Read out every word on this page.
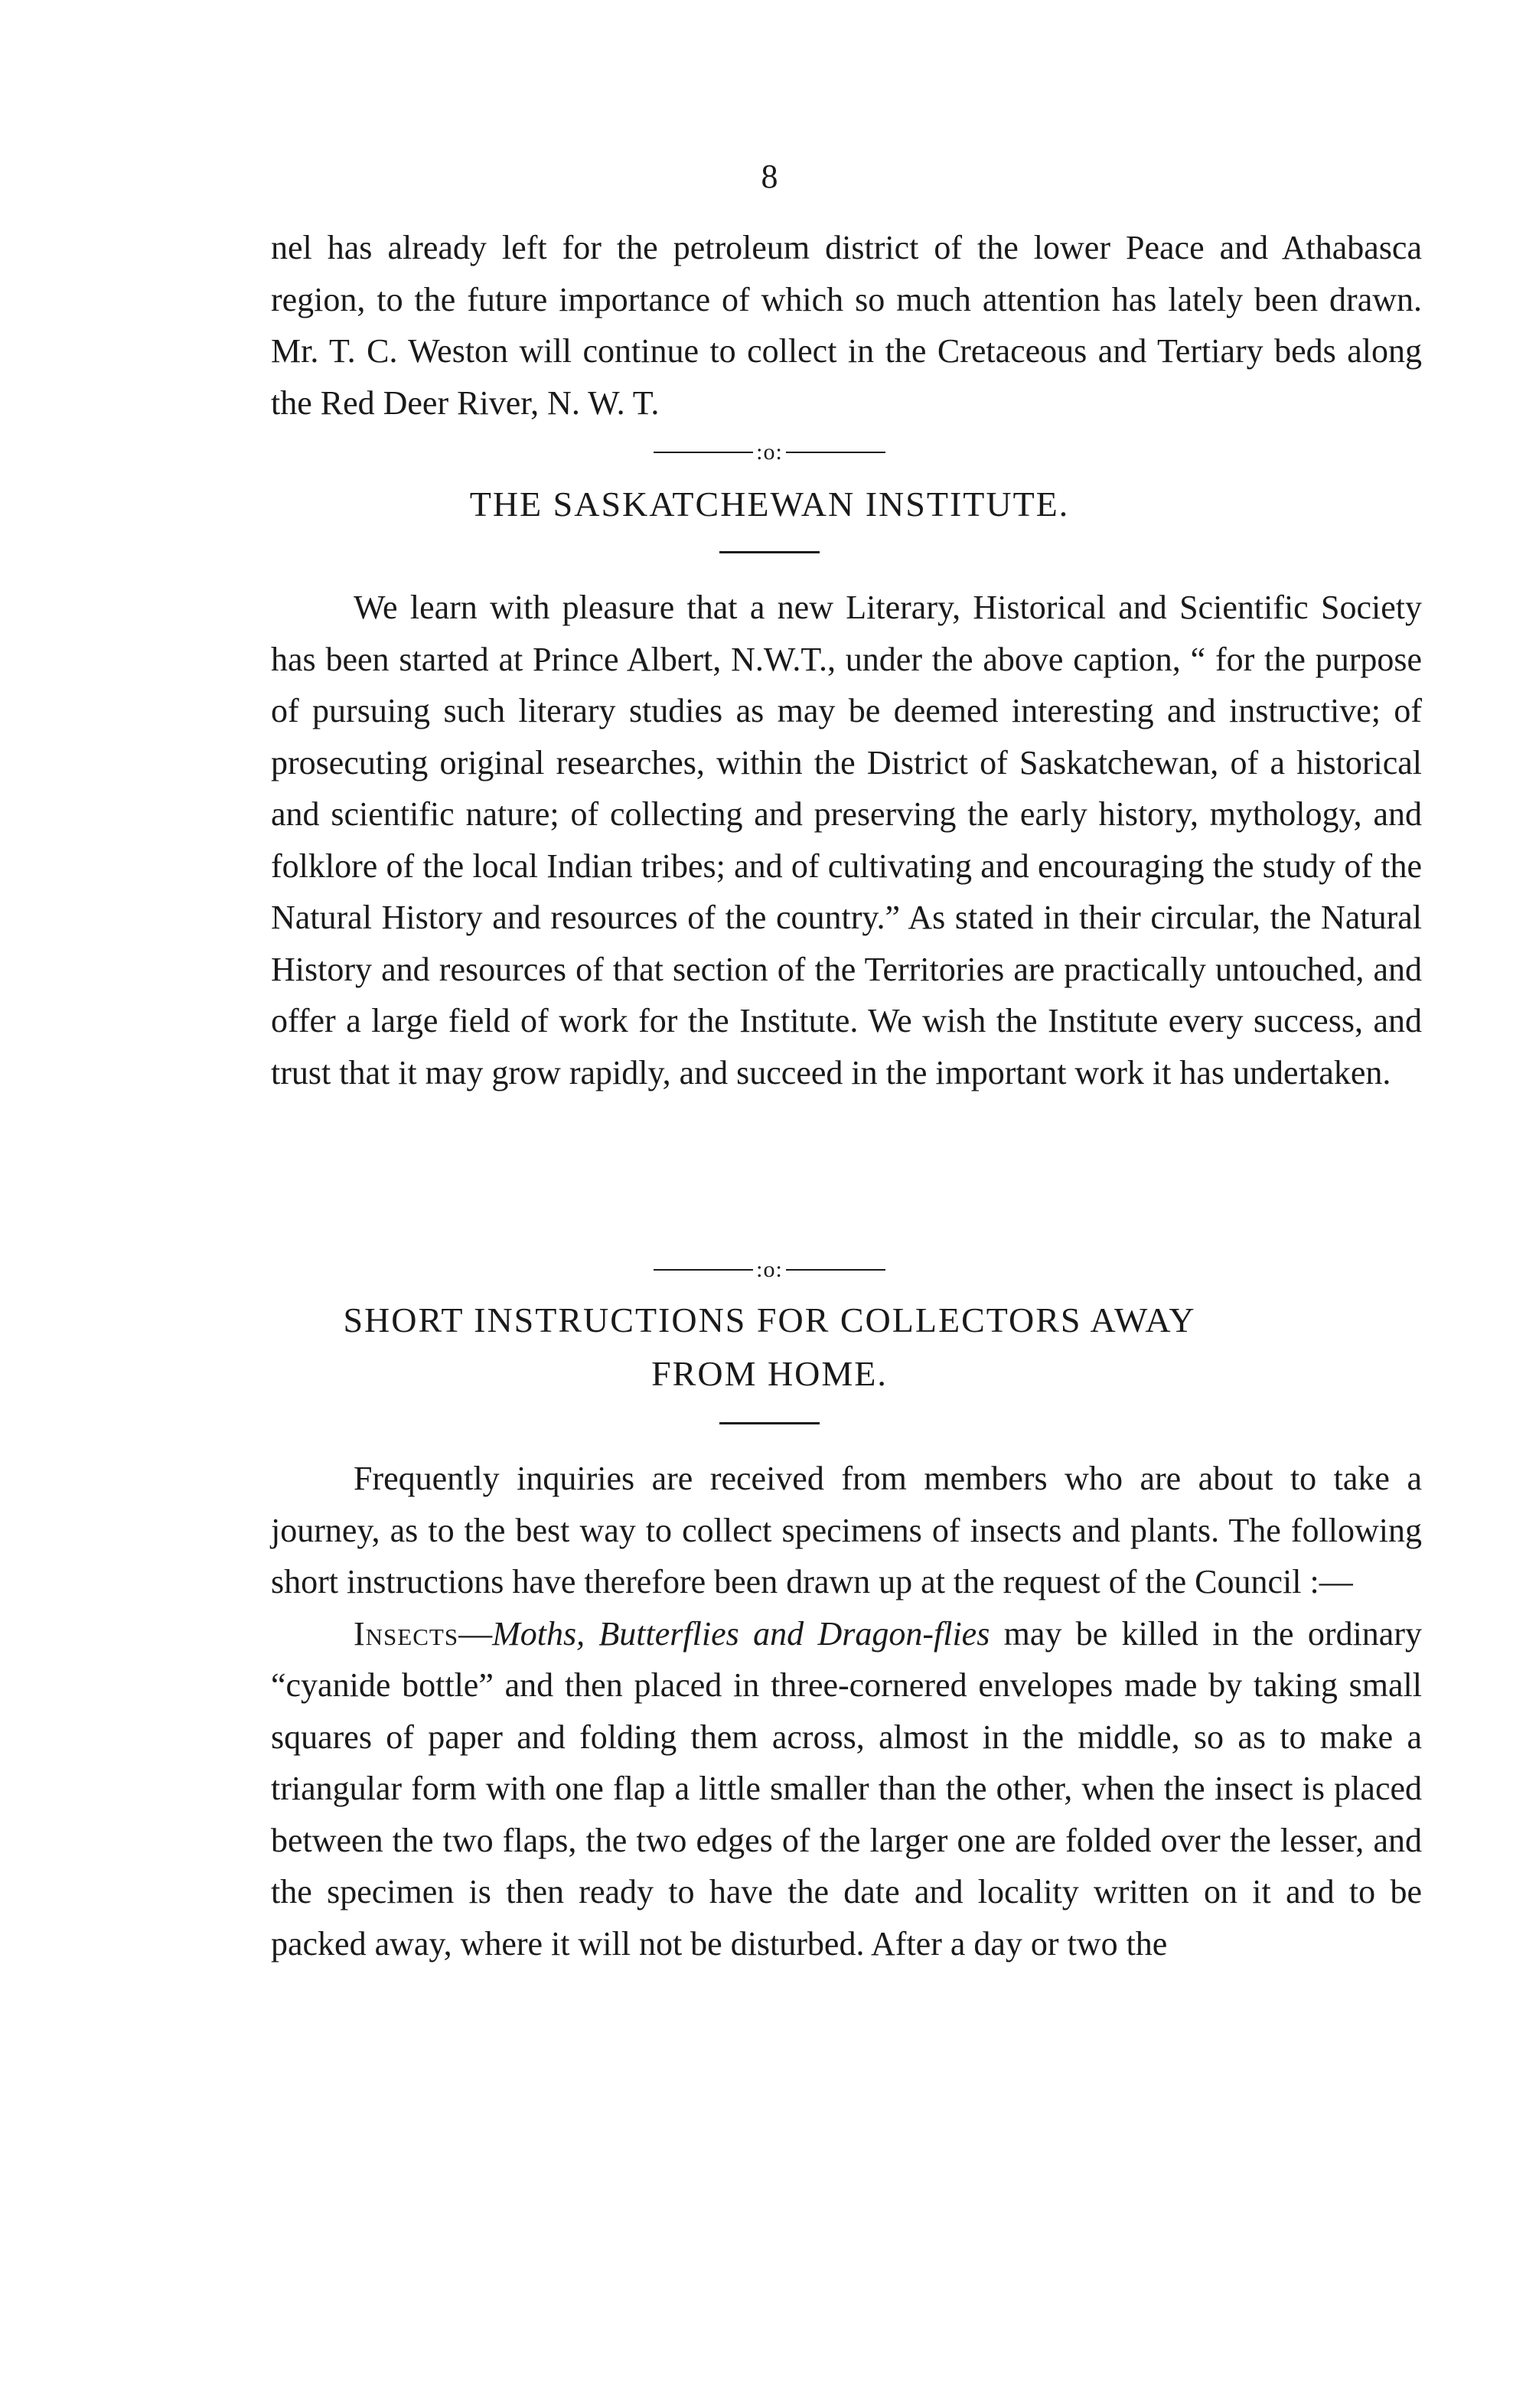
8

nel has already left for the petroleum district of the lower Peace and Athabasca region, to the future importance of which so much attention has lately been drawn. Mr. T. C. Weston will continue to collect in the Cretaceous and Tertiary beds along the Red Deer River, N. W. T.

:o:
THE SASKATCHEWAN INSTITUTE.

We learn with pleasure that a new Literary, Historical and Scientific Society has been started at Prince Albert, N.W.T., under the above caption, “ for the purpose of pursuing such literary studies as may be deemed interesting and instructive; of prosecuting original researches, within the District of Saskatchewan, of a historical and scientific nature; of collecting and preserving the early history, mythology, and folklore of the local Indian tribes; and of cultivating and encouraging the study of the Natural History and resources of the country.” As stated in their circular, the Natural History and resources of that section of the Territories are practically untouched, and offer a large field of work for the Institute. We wish the Institute every success, and trust that it may grow rapidly, and succeed in the important work it has undertaken.

:o:
SHORT INSTRUCTIONS FOR COLLECTORS AWAY
FROM HOME.

Frequently inquiries are received from members who are about to take a journey, as to the best way to collect specimens of insects and plants. The following short instructions have therefore been drawn up at the request of the Council :—

Insects—Moths, Butterflies and Dragon-flies may be killed in the ordinary “cyanide bottle” and then placed in three-cornered envelopes made by taking small squares of paper and folding them across, almost in the middle, so as to make a triangular form with one flap a little smaller than the other, when the insect is placed between the two flaps, the two edges of the larger one are folded over the lesser, and the specimen is then ready to have the date and locality written on it and to be packed away, where it will not be disturbed. After a day or two the
